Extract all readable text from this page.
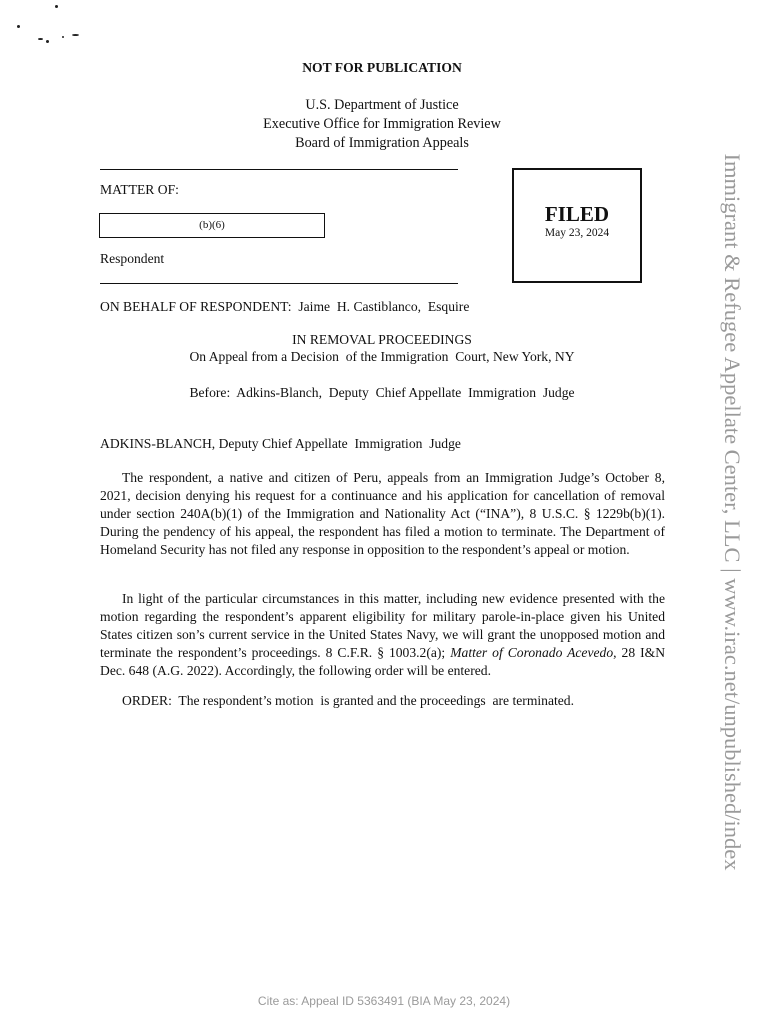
NOT FOR PUBLICATION
U.S. Department of Justice
Executive Office for Immigration Review
Board of Immigration Appeals
MATTER OF:
(b)(6)
Respondent
FILED
May 23, 2024
ON BEHALF OF RESPONDENT:  Jaime  H. Castiblanco,  Esquire
IN REMOVAL PROCEEDINGS
On Appeal from a Decision  of the Immigration  Court, New York, NY
Before:  Adkins-Blanch,  Deputy  Chief Appellate  Immigration  Judge
ADKINS-BLANCH, Deputy Chief Appellate  Immigration  Judge

The respondent, a native and citizen of Peru, appeals from an Immigration Judge’s October 8, 2021, decision denying his request for a continuance and his application for cancellation of removal under section 240A(b)(1) of the Immigration and Nationality Act (“INA”), 8 U.S.C. § 1229b(b)(1). During the pendency of his appeal, the respondent has filed a motion to terminate. The Department of Homeland Security has not filed any response in opposition to the respondent’s appeal or motion.

In light of the particular circumstances in this matter, including new evidence presented with the motion regarding the respondent’s apparent eligibility for military parole-in-place given his United States citizen son’s current service in the United States Navy, we will grant the unopposed motion and terminate the respondent’s proceedings. 8 C.F.R. § 1003.2(a); Matter of Coronado Acevedo, 28 I&N Dec. 648 (A.G. 2022). Accordingly, the following order will be entered.

ORDER:  The respondent’s motion  is granted and the proceedings  are terminated.	Immigrant & Refugee Appellate Center, LLC | www.irac.net/unpublished/index
Cite as: Appeal ID 5363491 (BIA May 23, 2024)
